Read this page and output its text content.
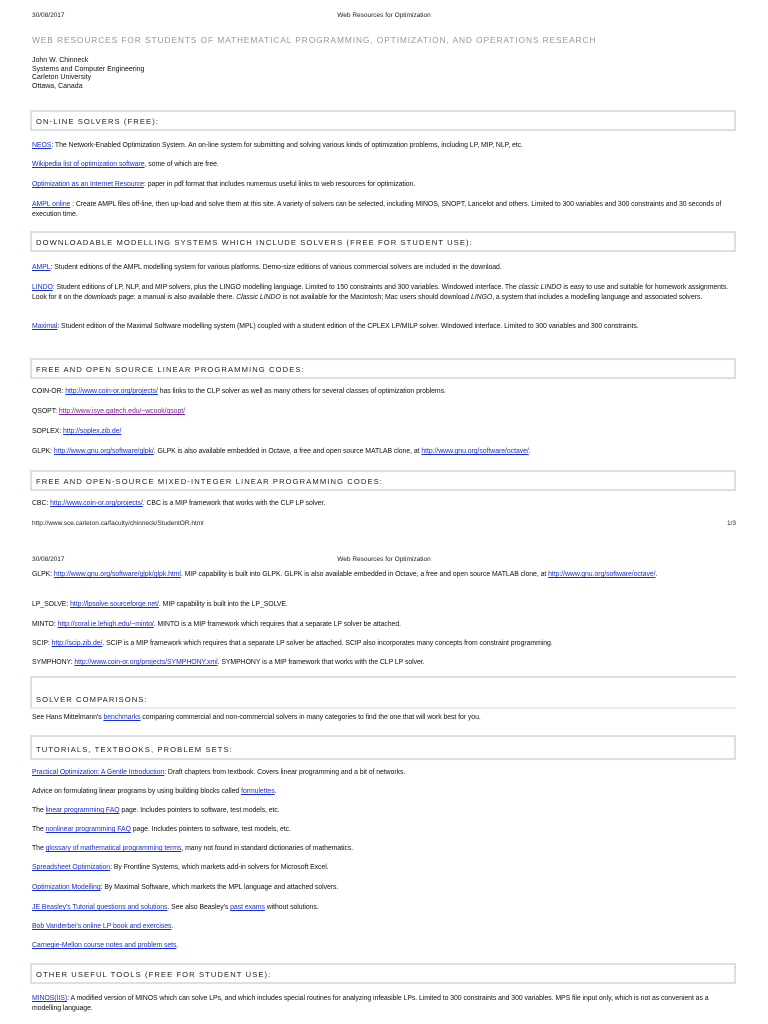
30/08/2017	Web Resources for Optimization
WEB RESOURCES FOR STUDENTS OF MATHEMATICAL PROGRAMMING, OPTIMIZATION, AND OPERATIONS RESEARCH
John W. Chinneck
Systems and Computer Engineering
Carleton University
Ottawa, Canada
ON-LINE SOLVERS (FREE):
NEOS: The Network-Enabled Optimization System. An on-line system for submitting and solving various kinds of optimization problems, including LP, MIP, NLP, etc.
Wikipedia list of optimization software, some of which are free.
Optimization as an Internet Resource: paper in pdf format that includes numerous useful links to web resources for optimization.
AMPL online : Create AMPL files off-line, then up-load and solve them at this site. A variety of solvers can be selected, including MINOS, SNOPT, Lancelot and others. Limited to 300 variables and 300 constraints and 30 seconds of execution time.
DOWNLOADABLE MODELLING SYSTEMS WHICH INCLUDE SOLVERS (FREE FOR STUDENT USE):
AMPL: Student editions of the AMPL modelling system for various platforms. Demo-size editions of various commercial solvers are included in the download.
LINDO: Student editions of LP, NLP, and MIP solvers, plus the LINGO modelling language. Limited to 150 constraints and 300 variables. Windowed interface. The classic LINDO is easy to use and suitable for homework assignments. Look for it on the downloads page: a manual is also available there. Classic LINDO is not available for the Macintosh; Mac users should download LINGO, a system that includes a modelling language and associated solvers.
Maximal: Student edition of the Maximal Software modelling system (MPL) coupled with a student edition of the CPLEX LP/MILP solver. Windowed interface. Limited to 300 variables and 300 constraints.
FREE AND OPEN SOURCE LINEAR PROGRAMMING CODES:
COIN-OR: http://www.coin-or.org/projects/ has links to the CLP solver as well as many others for several classes of optimization problems.
QSOPT: http://www.isye.gatech.edu/~wcook/qsopt/
SOPLEX: http://soplex.zib.de/
GLPK: http://www.gnu.org/software/glpk/. GLPK is also available embedded in Octave, a free and open source MATLAB clone, at http://www.gnu.org/software/octave/.
FREE AND OPEN-SOURCE MIXED-INTEGER LINEAR PROGRAMMING CODES:
CBC: http://www.coin-or.org/projects/. CBC is a MIP framework that works with the CLP LP solver.
http://www.sce.carleton.ca/faculty/chinneck/StudentOR.html	1/3
30/08/2017	Web Resources for Optimization
GLPK: http://www.gnu.org/software/glpk/glpk.html. MIP capability is built into GLPK. GLPK is also available embedded in Octave, a free and open source MATLAB clone, at http://www.gnu.org/software/octave/.
LP_SOLVE: http://lpsolve.sourceforge.net/. MIP capability is built into the LP_SOLVE.
MINTO: http://coral.ie.lehigh.edu/~minto/. MINTO is a MIP framework which requires that a separate LP solver be attached.
SCIP: http://scip.zib.de/. SCIP is a MIP framework which requires that a separate LP solver be attached. SCIP also incorporates many concepts from constraint programming.
SYMPHONY: http://www.coin-or.org/projects/SYMPHONY.xml. SYMPHONY is a MIP framework that works with the CLP LP solver.
SOLVER COMPARISONS:
See Hans Mittelmann's benchmarks comparing commercial and non-commercial solvers in many categories to find the one that will work best for you.
TUTORIALS, TEXTBOOKS, PROBLEM SETS:
Practical Optimization: A Gentle Introduction: Draft chapters from textbook. Covers linear programming and a bit of networks.
Advice on formulating linear programs by using building blocks called formulettes.
The linear programming FAQ page. Includes pointers to software, test models, etc.
The nonlinear programming FAQ page. Includes pointers to software, test models, etc.
The glossary of mathematical programming terms, many not found in standard dictionaries of mathematics.
Spreadsheet Optimization: By Frontline Systems, which markets add-in solvers for Microsoft Excel.
Optimization Modelling: By Maximal Software, which markets the MPL language and attached solvers.
JE Beasley's Tutorial questions and solutions. See also Beasley's past exams without solutions.
Bob Vanderbei's online LP book and exercises.
Carnegie-Mellon course notes and problem sets.
OTHER USEFUL TOOLS (FREE FOR STUDENT USE):
MINOS(IIS): A modified version of MINOS which can solve LPs, and which includes special routines for analyzing infeasible LPs. Limited to 300 constraints and 300 variables. MPS file input only, which is not as convenient as a modelling language.
